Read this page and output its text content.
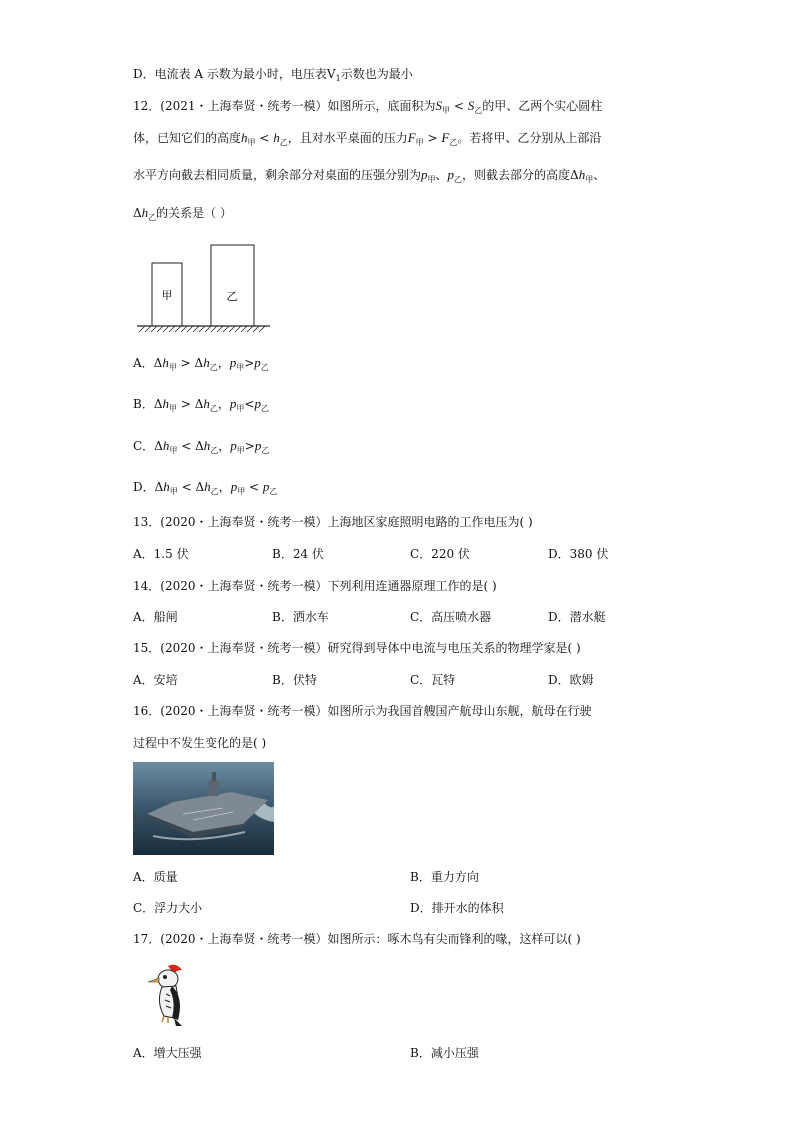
D．电流表 A 示数为最小时，电压表$V_1$示数也为最小
12．(2021・上海奉贤・统考一模）如图所示，底面积为$S_甲 < S_乙$的甲、乙两个实心圆柱
体，已知它们的高度$h_甲 < h_乙$，且对水平桌面的压力$F_甲 > F_乙$。若将甲、乙分别从上部沿
水平方向截去相同质量，剩余部分对桌面的压强分别为$p_甲$、$p_乙$，则截去部分的高度$\Delta h_甲$、
$\Delta h_乙$的关系是（ ）
甲	乙
A．$\Delta h_甲 > \Delta h_乙$，$p_甲>p_乙$
B．$\Delta h_甲 > \Delta h_乙$，$p_甲<p_乙$
C．$\Delta h_甲 < \Delta h_乙$，$p_甲>p_乙$
D．$\Delta h_甲 < \Delta h_乙$，$p_甲 < p_乙$
13．(2020・上海奉贤・统考一模）上海地区家庭照明电路的工作电压为( )
A．1.5 伏	B．24 伏	C．220 伏	D．380 伏
14．(2020・上海奉贤・统考一模）下列利用连通器原理工作的是( )
A．船闸	B．洒水车	C．高压喷水器	D．潜水艇
15．(2020・上海奉贤・统考一模）研究得到导体中电流与电压关系的物理学家是( )
A．安培	B．伏特	C．瓦特	D．欧姆
16．(2020・上海奉贤・统考一模）如图所示为我国首艘国产航母山东舰，航母在行驶
过程中不发生变化的是( )
A．质量	B．重力方向
C．浮力大小	D．排开水的体积
17．(2020・上海奉贤・统考一模）如图所示：啄木鸟有尖而锋利的喙，这样可以( )
A．增大压强	B．减小压强
